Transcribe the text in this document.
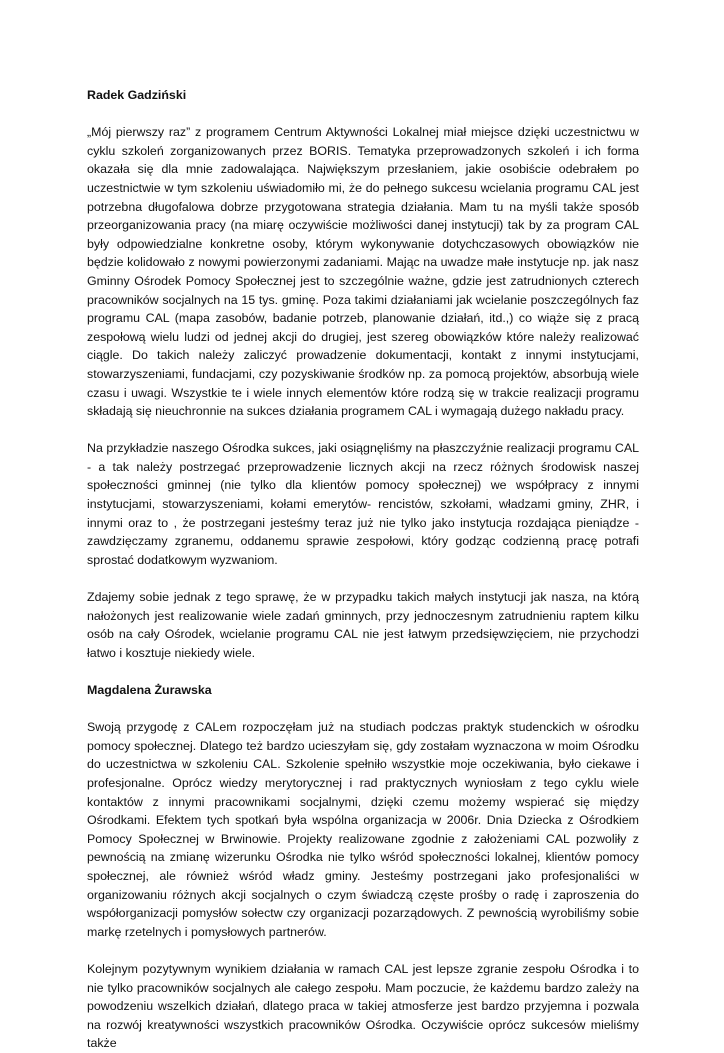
Radek Gadziński

„Mój pierwszy raz” z programem Centrum Aktywności Lokalnej miał miejsce dzięki uczestnictwu w cyklu szkoleń zorganizowanych przez BORIS. Tematyka przeprowadzonych szkoleń i ich forma okazała się dla mnie zadowalająca. Największym przesłaniem, jakie osobiście odebrałem po uczestnictwie w tym szkoleniu uświadomiło mi, że do pełnego sukcesu wcielania programu CAL jest potrzebna długofalowa dobrze przygotowana strategia działania. Mam tu na myśli także sposób przeorganizowania pracy (na miarę oczywiście możliwości danej instytucji) tak by za program CAL były odpowiedzialne konkretne osoby, którym wykonywanie dotychczasowych obowiązków nie będzie kolidowało z nowymi powierzonymi zadaniami. Mając na uwadze małe instytucje np. jak nasz Gminny Ośrodek Pomocy Społecznej jest to szczególnie ważne, gdzie jest zatrudnionych czterech pracowników socjalnych na 15 tys. gminę. Poza takimi działaniami jak wcielanie poszczególnych faz programu CAL (mapa zasobów, badanie potrzeb, planowanie działań, itd.,) co wiąże się z pracą zespołową wielu ludzi od jednej akcji do drugiej, jest szereg obowiązków które należy realizować ciągle. Do takich należy zaliczyć prowadzenie dokumentacji, kontakt z innymi instytucjami, stowarzyszeniami, fundacjami, czy pozyskiwanie środków np. za pomocą projektów, absorbują wiele czasu i uwagi. Wszystkie te i wiele innych elementów które rodzą się w trakcie realizacji programu składają się nieuchronnie na sukces działania programem CAL i wymagają dużego nakładu pracy.

Na przykładzie naszego Ośrodka sukces, jaki osiągnęliśmy na płaszczyźnie realizacji programu CAL - a tak należy postrzegać przeprowadzenie licznych akcji na rzecz różnych środowisk naszej społeczności gminnej (nie tylko dla klientów pomocy społecznej) we współpracy z innymi instytucjami, stowarzyszeniami, kołami emerytów- rencistów, szkołami, władzami gminy, ZHR, i innymi oraz to , że postrzegani jesteśmy teraz już nie tylko jako instytucja rozdająca pieniądze - zawdzięczamy zgranemu, oddanemu sprawie zespołowi, który godząc codzienną pracę potrafi sprostać dodatkowym wyzwaniom.

Zdajemy sobie jednak z tego sprawę, że w przypadku takich małych instytucji jak nasza, na którą nałożonych jest realizowanie wiele zadań gminnych, przy jednoczesnym zatrudnieniu raptem kilku osób na cały Ośrodek, wcielanie programu CAL nie jest łatwym przedsięwzięciem, nie przychodzi łatwo i kosztuje niekiedy wiele.

Magdalena Żurawska

Swoją przygodę z CALem rozpoczęłam już na studiach podczas praktyk studenckich w ośrodku pomocy społecznej. Dlatego też bardzo ucieszyłam się, gdy zostałam wyznaczona w moim Ośrodku do uczestnictwa w szkoleniu CAL. Szkolenie spełniło wszystkie moje oczekiwania, było ciekawe i profesjonalne. Oprócz wiedzy merytorycznej i rad praktycznych wyniosłam z tego cyklu wiele kontaktów z innymi pracownikami socjalnymi, dzięki czemu możemy wspierać się między Ośrodkami. Efektem tych spotkań była wspólna organizacja w 2006r. Dnia Dziecka z Ośrodkiem Pomocy Społecznej w Brwinowie. Projekty realizowane zgodnie z założeniami CAL pozwoliły z pewnością na zmianę wizerunku Ośrodka nie tylko wśród społeczności lokalnej, klientów pomocy społecznej, ale również wśród władz gminy. Jesteśmy postrzegani jako profesjonaliści w organizowaniu różnych akcji socjalnych o czym świadczą częste prośby o radę i zaproszenia do współorganizacji pomysłów sołectw czy organizacji pozarządowych. Z pewnością wyrobiliśmy sobie markę rzetelnych i pomysłowych partnerów.

Kolejnym pozytywnym wynikiem działania w ramach CAL jest lepsze zgranie zespołu Ośrodka i to nie tylko pracowników socjalnych ale całego zespołu. Mam poczucie, że każdemu bardzo zależy na powodzeniu wszelkich działań, dlatego praca w takiej atmosferze jest bardzo przyjemna i pozwala na rozwój kreatywności wszystkich pracowników Ośrodka. Oczywiście oprócz sukcesów mieliśmy także
